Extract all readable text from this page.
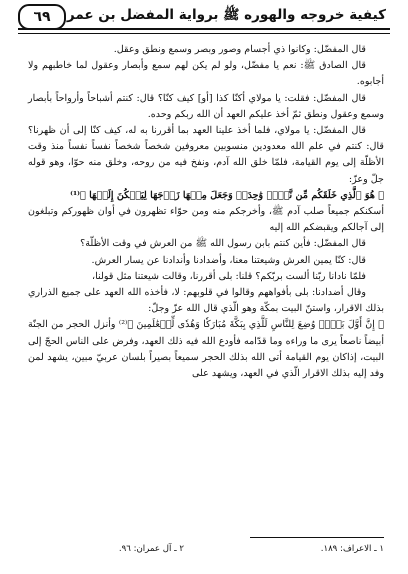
٦٩	كيفية خروجه والهوره ﷺ برواية المفضل بن عمر

قال المفضّل: وكانوا ذي أجسام وصور وبصر وسمع ونطق وعقل.

قال الصادق ﷺ: نعم يا مفضّل، ولو لم يكن لهم سمع وأبصار وعقول لما خاطبهم ولا أجابوه.

قال المفضّل: فقلت: يا مولاي أكنّا كذا [أو] كيف كنّا؟ قال: كنتم أشباحاً وأرواحاً بأبصار وسمع وعقول ونطق ثمّ أخذ عليكم العهد أن الله ربكم وحده.

قال المفضّل: يا مولاي، فلما أخذ علينا العهد بما أقررنا به له، كيف كنّا إلى أن ظهرنا؟ قال: كنتم في علم الله معدودين منسوبين معروفين شخصاً شخصاً نفساً نفساً منذ وقت الأظلّة إلى يوم القيامة، فلمّا خلق الله آدم، ونفخ فيه من روحه، وخلق منه حوّا، وهو قوله جلّ وعزّ:

﴿ هُوَ ٱلَّذِي خَلَقَكُم مِّن نَّفۡسٖ وَٰحِدَةٖ وَجَعَلَ مِنۡهَا زَوۡجَهَا لِيَسۡكُنَ إِلَيۡهَا ﴾⁽¹⁾

أسكنكم جميعاً صلب آدم ﷺ، وأخرجكم منه ومن حوّاء تظهرون في أوان ظهوركم وتبلغون إلى آجالكم ويقبضكم الله إليه

قال المفضّل: فأين كنتم بابن رسول الله ﷺ من العرش في وقت الأظلّة؟

قال: كنّا يمين العرش وشيعتنا معنا، وأضدادنا وأندادنا عن يسار العرش.

فلمّا نادانا ربّنا ألست بربّكم؟ قلنا: بلى أقررنا، وقالت شيعتنا مثل قولنا،

وقال أضدادنا: بلى بأفواههم وقالوا في قلوبهم: لا، فأخذه الله العهد على جميع الذراري بذلك الاقرار، واستنّ البيت بمكّة وهو الّذي قال الله عزّ وجلّ:

﴿ إِنَّ أَوَّلَ بَيۡتٖ وُضِعَ لِلنَّاسِ لَلَّذِي بِبَكَّةَ مُبَارَكٗا وَهُدٗى لِّلۡعَٰلَمِينَ ﴾⁽²⁾ وأنزل الحجر من الجنّة أبيضاً ناصعاً يرى ما وراءه وما قدّامه فأودع الله فيه ذلك العهد، وفرض على الناس الحجّ إلى البيت، إذاكان يوم القيامة أتى الله بذلك الحجر سميعاً بصيراً بلسان عربيّ مبين، يشهد لمن وفد إليه بذلك الاقرار الّذي في العهد، ويشهد على

١ ـ الاعراف: ١٨٩.
٢ ـ آل عمران: ٩٦.
